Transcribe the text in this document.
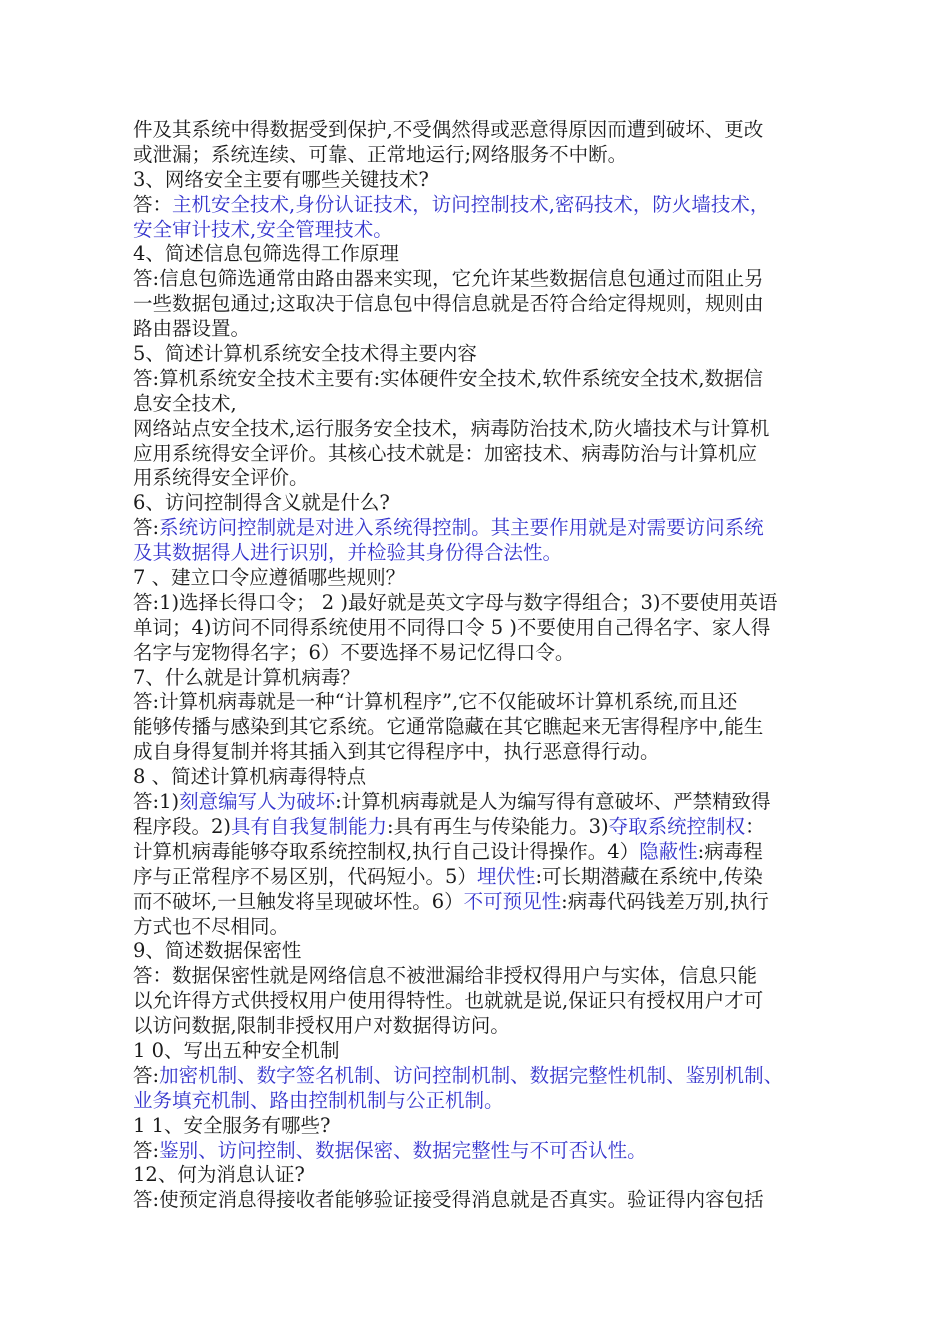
件及其系统中得数据受到保护,不受偶然得或恶意得原因而遭到破坏、更改
或泄漏；系统连续、可靠、正常地运行;网络服务不中断。
3、网络安全主要有哪些关键技术?
答：主机安全技术,身份认证技术，访问控制技术,密码技术，防火墙技术，
安全审计技术,安全管理技术。
4、简述信息包筛选得工作原理
答:信息包筛选通常由路由器来实现，它允许某些数据信息包通过而阻止另
一些数据包通过;这取决于信息包中得信息就是否符合给定得规则，规则由
路由器设置。
5、简述计算机系统安全技术得主要内容
答:算机系统安全技术主要有:实体硬件安全技术,软件系统安全技术,数据信
息安全技术,
网络站点安全技术,运行服务安全技术，病毒防治技术,防火墙技术与计算机
应用系统得安全评价。其核心技术就是：加密技术、病毒防治与计算机应
用系统得安全评价。
6、访问控制得含义就是什么?
答:系统访问控制就是对进入系统得控制。其主要作用就是对需要访问系统
及其数据得人进行识别，并检验其身份得合法性。
7 、建立口令应遵循哪些规则？
答:1)选择长得口令； 2 )最好就是英文字母与数字得组合；3)不要使用英语
单词；4)访问不同得系统使用不同得口令 5 )不要使用自己得名字、家人得
名字与宠物得名字；6）不要选择不易记忆得口令。
7、什么就是计算机病毒？
答:计算机病毒就是一种“计算机程序”,它不仅能破坏计算机系统,而且还
能够传播与感染到其它系统。它通常隐藏在其它瞧起来无害得程序中,能生
成自身得复制并将其插入到其它得程序中，执行恶意得行动。
8 、简述计算机病毒得特点
答:1)刻意编写人为破坏:计算机病毒就是人为编写得有意破坏、严禁精致得
程序段。2)具有自我复制能力:具有再生与传染能力。3)夺取系统控制权：
计算机病毒能够夺取系统控制权,执行自己设计得操作。4）隐蔽性:病毒程
序与正常程序不易区别，代码短小。5）埋伏性:可长期潜藏在系统中,传染
而不破坏,一旦触发将呈现破坏性。6）不可预见性:病毒代码钱差万别,执行
方式也不尽相同。
9、简述数据保密性
答：数据保密性就是网络信息不被泄漏给非授权得用户与实体，信息只能
以允许得方式供授权用户使用得特性。也就就是说,保证只有授权用户才可
以访问数据,限制非授权用户对数据得访问。
1 0、写出五种安全机制
答:加密机制、数字签名机制、访问控制机制、数据完整性机制、鉴别机制、
业务填充机制、路由控制机制与公正机制。
1 1、安全服务有哪些?
答:鉴别、访问控制、数据保密、数据完整性与不可否认性。
12、何为消息认证?
答:使预定消息得接收者能够验证接受得消息就是否真实。验证得内容包括
